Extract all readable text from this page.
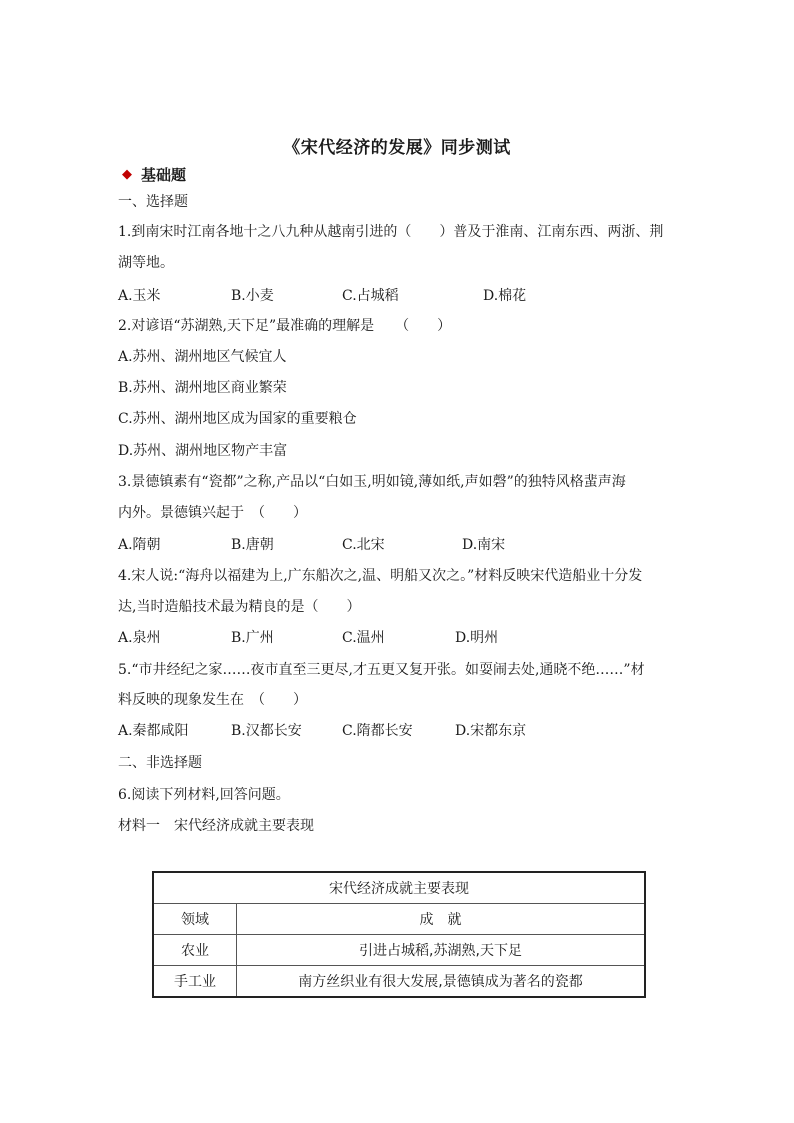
《宋代经济的发展》同步测试
◆ 基础题
一、选择题
1.到南宋时江南各地十之八九种从越南引进的（　　）普及于淮南、江南东西、两浙、荆
湖等地。
A.玉米	B.小麦	C.占城稻	D.棉花
2.对谚语“苏湖熟,天下足”最准确的理解是　　（　　）
A.苏州、湖州地区气候宜人
B.苏州、湖州地区商业繁荣
C.苏州、湖州地区成为国家的重要粮仓
D.苏州、湖州地区物产丰富
3.景德镇素有“瓷都”之称,产品以“白如玉,明如镜,薄如纸,声如磬”的独特风格蜚声海
内外。景德镇兴起于　（　　）
A.隋朝	B.唐朝	C.北宋	D.南宋
4.宋人说:“海舟以福建为上,广东船次之,温、明船又次之。”材料反映宋代造船业十分发
达,当时造船技术最为精良的是（　　）
A.泉州	B.广州	C.温州	D.明州
5.“市井经纪之家……夜市直至三更尽,才五更又复开张。如耍闹去处,通晓不绝……”材
料反映的现象发生在　（　　）
A.秦都咸阳	B.汉都长安	C.隋都长安	D.宋都东京
二、非选择题
6.阅读下列材料,回答问题。
材料一　宋代经济成就主要表现
宋代经济成就主要表现	
领域	成　就
农业	引进占城稻,苏湖熟,天下足
手工业	南方丝织业有很大发展,景德镇成为著名的瓷都
